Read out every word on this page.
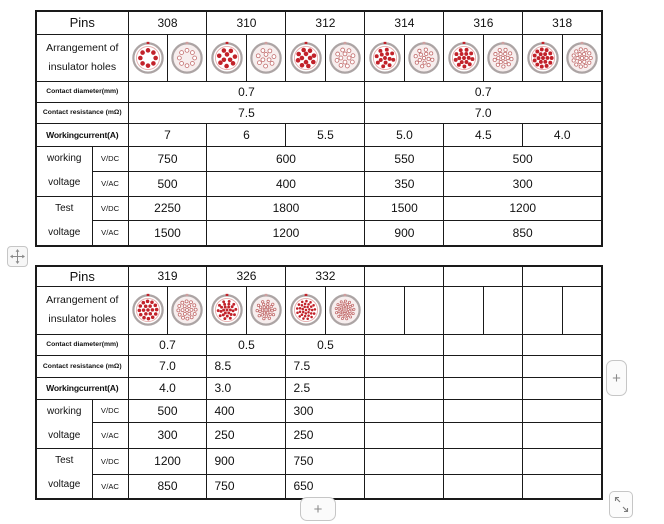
Pins		308		310		312		314		316		318	

Arrangement of
insulator holes

Contact diameter(mm)		0.7						0.7					
Contact resistance (mΩ)		7.5						7.0					
Workingcurrent(A)		7		6		5.5		5.0		4.5		4.0	

working
voltage	V/DC	750		600				550		500			
	V/AC	500		400				350		300			

Test
voltage	V/DC	2250		1800				1500		1200			
	V/AC	1500		1200				900		850			
Pins		319		326		332							

Arrangement of
insulator holes

Contact diameter(mm)		0.7		0.5		0.5							
Contact resistance (mΩ)		7.0		8.5		7.5							
Workingcurrent(A)		4.0		3.0		2.5							

working
voltage	V/DC	500		400		300							
	V/AC	300		250		250							

Test
voltage	V/DC	1200		900		750							
	V/AC	850		750		650							
+
+
